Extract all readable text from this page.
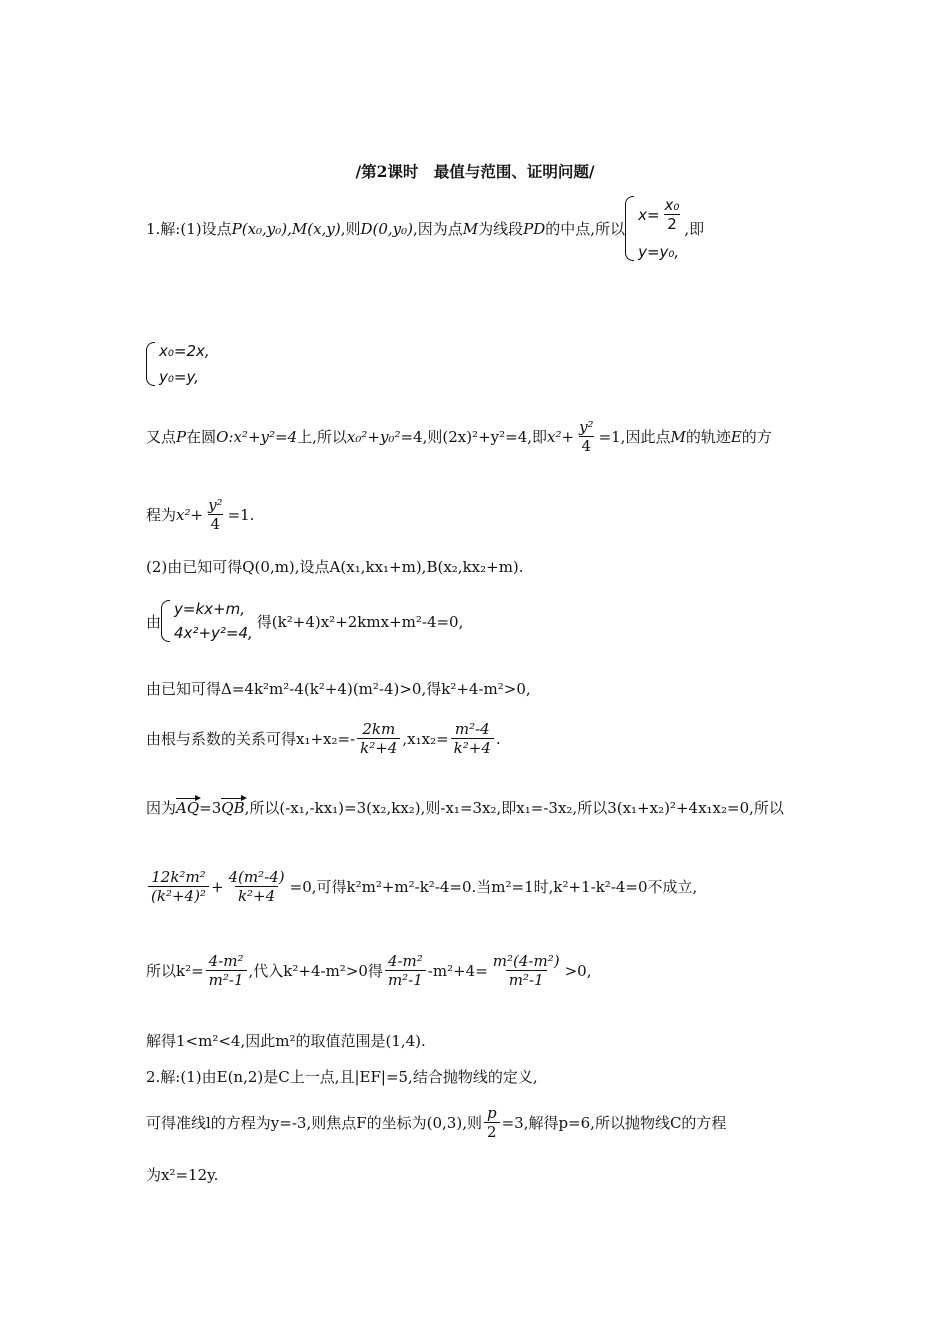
/第2课时　最值与范围、证明问题/
1.解:(1)设点 P(x₀,y₀),M(x,y) ,则 D(0,y₀) ,因为点 M 为线段 PD 的中点,所以
$x= \frac{\text{x₀}}{2}$
y=y₀,
,即
x₀=2x,
y₀=y,
又点 P 在圆 O:x²+y²=4 上,所以 x₀²+y₀² =4,则(2x)²+y²=4,即 $x^2+ \frac{\text{y²}}{4} =1$,因此点 M 的轨迹 E 的方
程为 $x^2+ \frac{\text{y²}}{4} =1$.
(2)由已知可得Q(0,m),设点A(x₁,kx₁+m),B(x₂,kx₂+m).
由
y=kx+m,
4x²+y²=4,
得(k²+4)x²+2kmx+m²-4=0,
由已知可得Δ=4k²m²-4(k²+4)(m²-4)>0,得k²+4-m²>0,
由根与系数的关系可得$x_1+x_2=- \frac{2km}{\text{k²+4}} ,x_1x_2= \frac{\text{m²-4}}{\text{k²+4}}$ .
因为 AQ =3 QB ,所以(-x₁,-kx₁)=3(x₂,kx₂),则-x₁=3x₂,即x₁=-3x₂,所以3(x₁+x₂)²+4x₁x₂=0,所以
$\frac{\text{12k²m²}}{\text{(k²+4)²}} + \frac{\text{4(m²-4)}}{\text{k²+4}} =0$,可得k²m²+m²-k²-4=0.当m²=1时,k²+1-k²-4=0不成立,
所以$k^2= \frac{\text{4-m²}}{\text{m²-1}}$ ,代入k²+4-m²>0得 $\frac{\text{4-m²}}{\text{m²-1}} -m^2+4= \frac{\text{m²(4-m²)}}{\text{m²-1}} >0$,
解得1<m²<4,因此m²的取值范围是(1,4).
2.解:(1)由E(n,2)是C上一点,且|EF|=5,结合抛物线的定义,
可得准线l的方程为y=-3,则焦点F的坐标为(0,3),则 $\frac{p}{2} =3$,解得p=6,所以抛物线C的方程
为x²=12y.
